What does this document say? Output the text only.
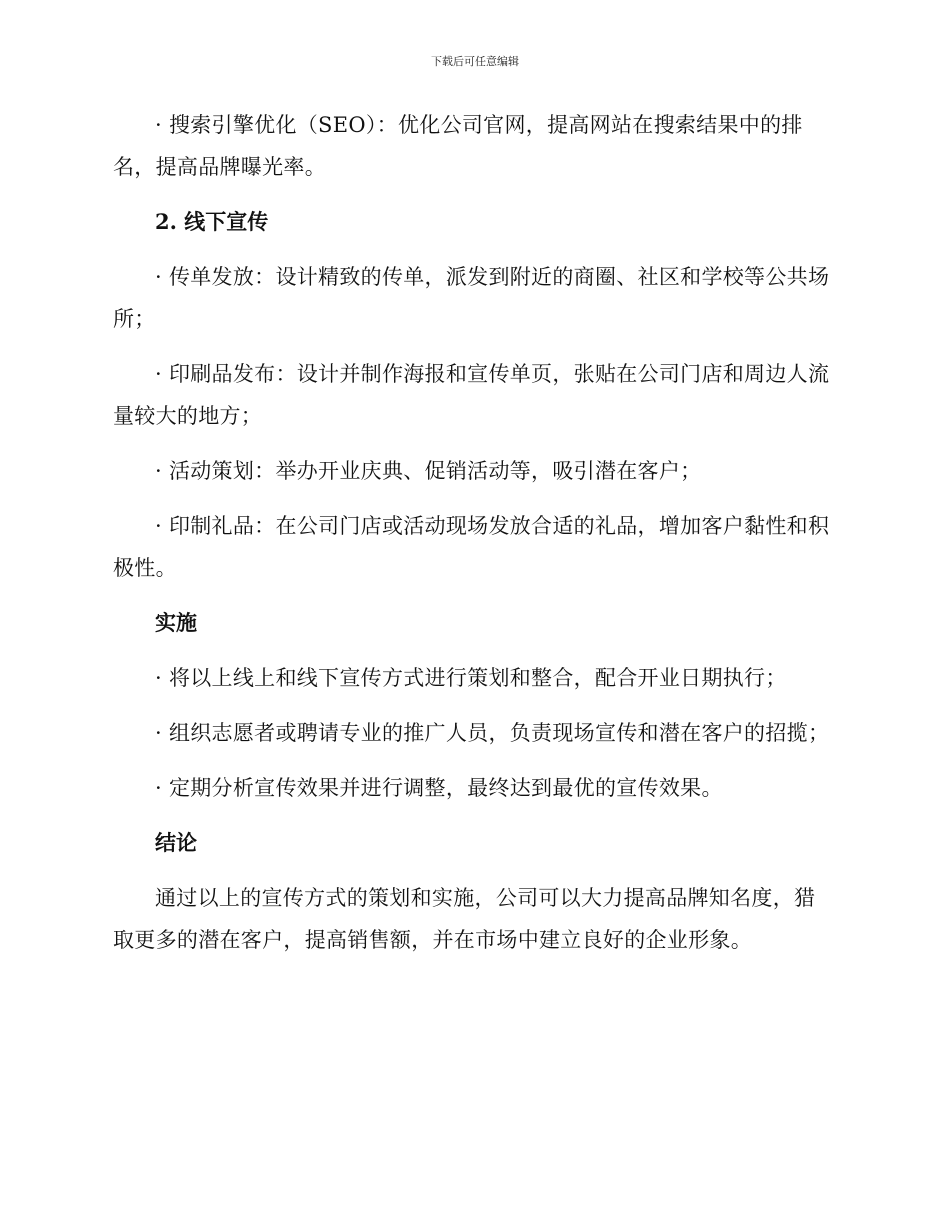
下载后可任意编辑

· 搜索引擎优化（SEO）：优化公司官网，提高网站在搜索结果中的排名，提高品牌曝光率。

2. 线下宣传

· 传单发放：设计精致的传单，派发到附近的商圈、社区和学校等公共场所；

· 印刷品发布：设计并制作海报和宣传单页，张贴在公司门店和周边人流量较大的地方；

· 活动策划：举办开业庆典、促销活动等，吸引潜在客户；

· 印制礼品：在公司门店或活动现场发放合适的礼品，增加客户黏性和积极性。

实施

· 将以上线上和线下宣传方式进行策划和整合，配合开业日期执行；

· 组织志愿者或聘请专业的推广人员，负责现场宣传和潜在客户的招揽；

· 定期分析宣传效果并进行调整，最终达到最优的宣传效果。

结论

通过以上的宣传方式的策划和实施，公司可以大力提高品牌知名度，猎取更多的潜在客户，提高销售额，并在市场中建立良好的企业形象。
